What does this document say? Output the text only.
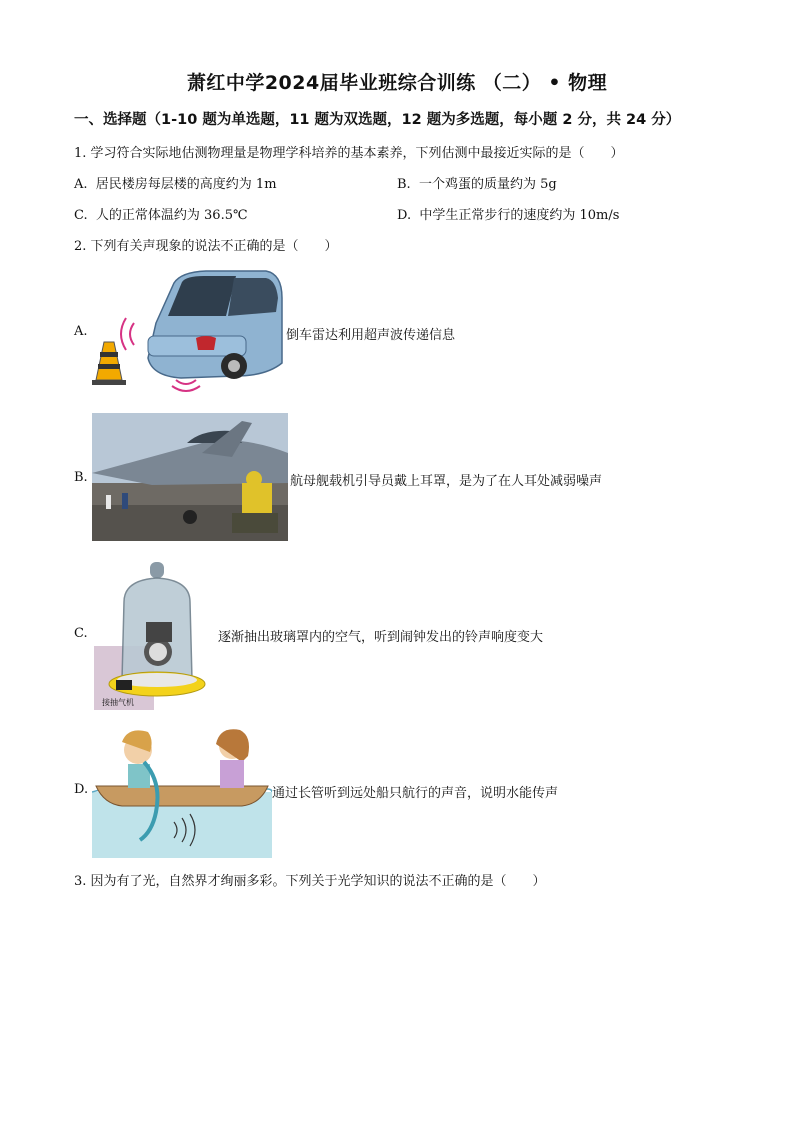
萧红中学2024届毕业班综合训练 （二） • 物理
一、选择题（1-10 题为单选题，11 题为双选题，12 题为多选题，每小题 2 分，共 24 分）
1. 学习符合实际地估测物理量是物理学科培养的基本素养，下列估测中最接近实际的是（　　）
A. 居民楼房每层楼的高度约为 1m	B. 一个鸡蛋的质量约为 5g
C. 人的正常体温约为 36.5℃	D. 中学生正常步行的速度约为 10m/s
2. 下列有关声现象的说法不正确的是（　　）
A.	倒车雷达利用超声波传递信息
B.	航母舰载机引导员戴上耳罩，是为了在人耳处减弱噪声
C.
接抽气机
逐渐抽出玻璃罩内的空气，听到闹钟发出的铃声响度变大
D.	通过长管听到远处船只航行的声音，说明水能传声
3. 因为有了光，自然界才绚丽多彩。下列关于光学知识的说法不正确的是（　　）
